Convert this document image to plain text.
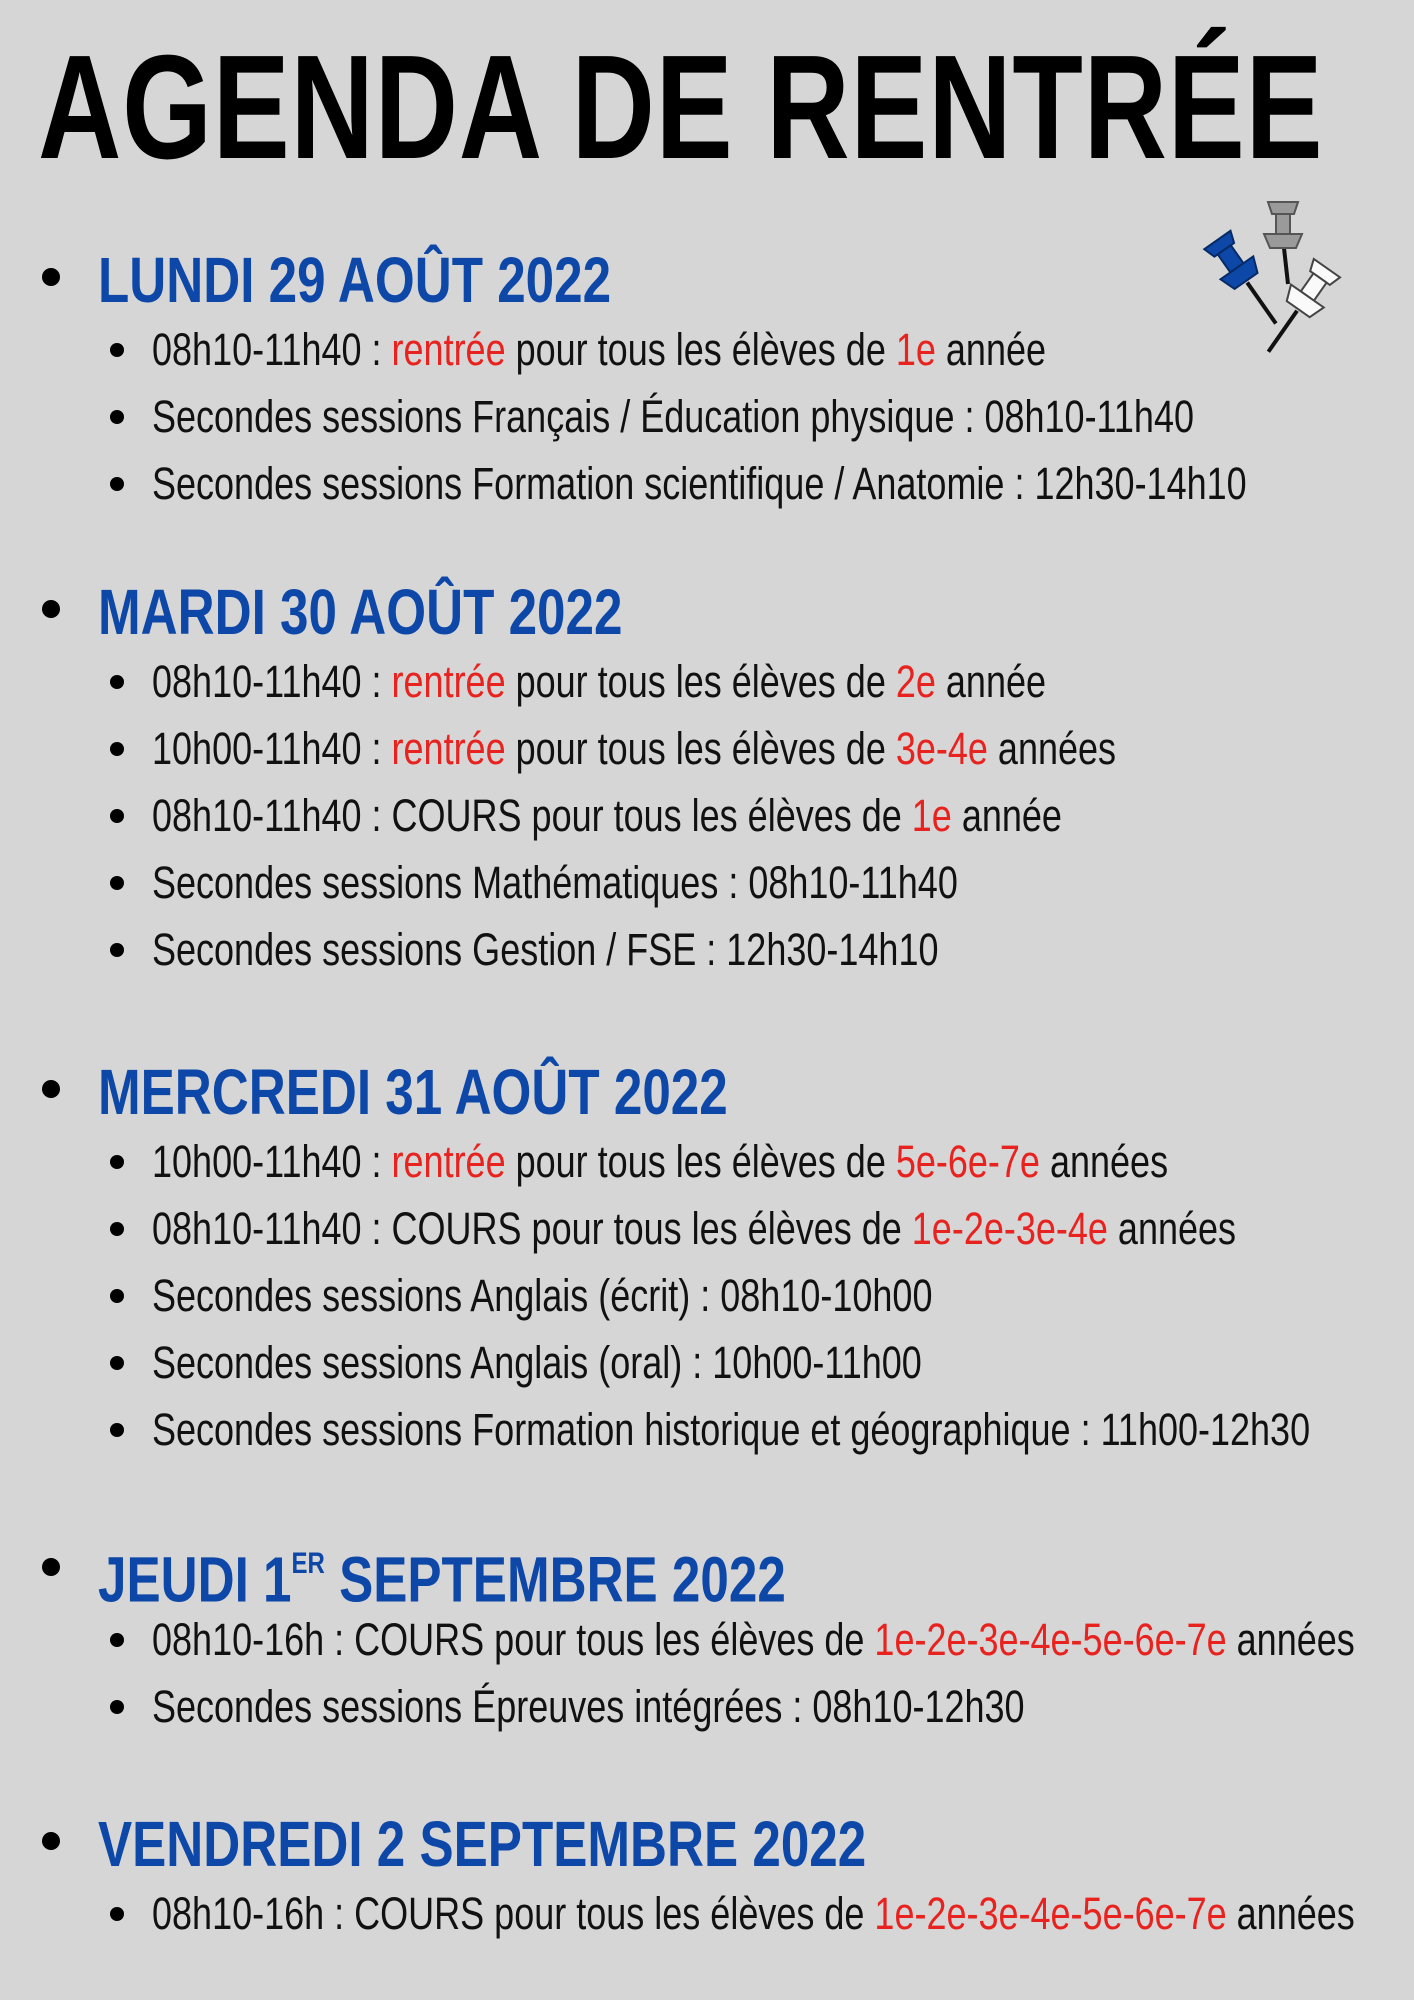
AGENDA DE RENTRÉE
LUNDI 29 AOÛT 2022
08h10-11h40 : rentrée pour tous les élèves de 1e année
Secondes sessions Français / Éducation physique : 08h10-11h40
Secondes sessions Formation scientifique / Anatomie : 12h30-14h10
MARDI 30 AOÛT 2022
08h10-11h40 : rentrée pour tous les élèves de 2e année
10h00-11h40 : rentrée pour tous les élèves de 3e-4e années
08h10-11h40 : COURS pour tous les élèves de 1e année
Secondes sessions Mathématiques : 08h10-11h40
Secondes sessions Gestion / FSE : 12h30-14h10
MERCREDI 31 AOÛT 2022
10h00-11h40 : rentrée pour tous les élèves de 5e-6e-7e années
08h10-11h40 : COURS pour tous les élèves de 1e-2e-3e-4e années
Secondes sessions Anglais (écrit) : 08h10-10h00
Secondes sessions Anglais (oral) : 10h00-11h00
Secondes sessions Formation historique et géographique : 11h00-12h30
JEUDI 1ER SEPTEMBRE 2022
08h10-16h : COURS pour tous les élèves de 1e-2e-3e-4e-5e-6e-7e années
Secondes sessions Épreuves intégrées : 08h10-12h30
VENDREDI 2 SEPTEMBRE 2022
08h10-16h : COURS pour tous les élèves de 1e-2e-3e-4e-5e-6e-7e années
